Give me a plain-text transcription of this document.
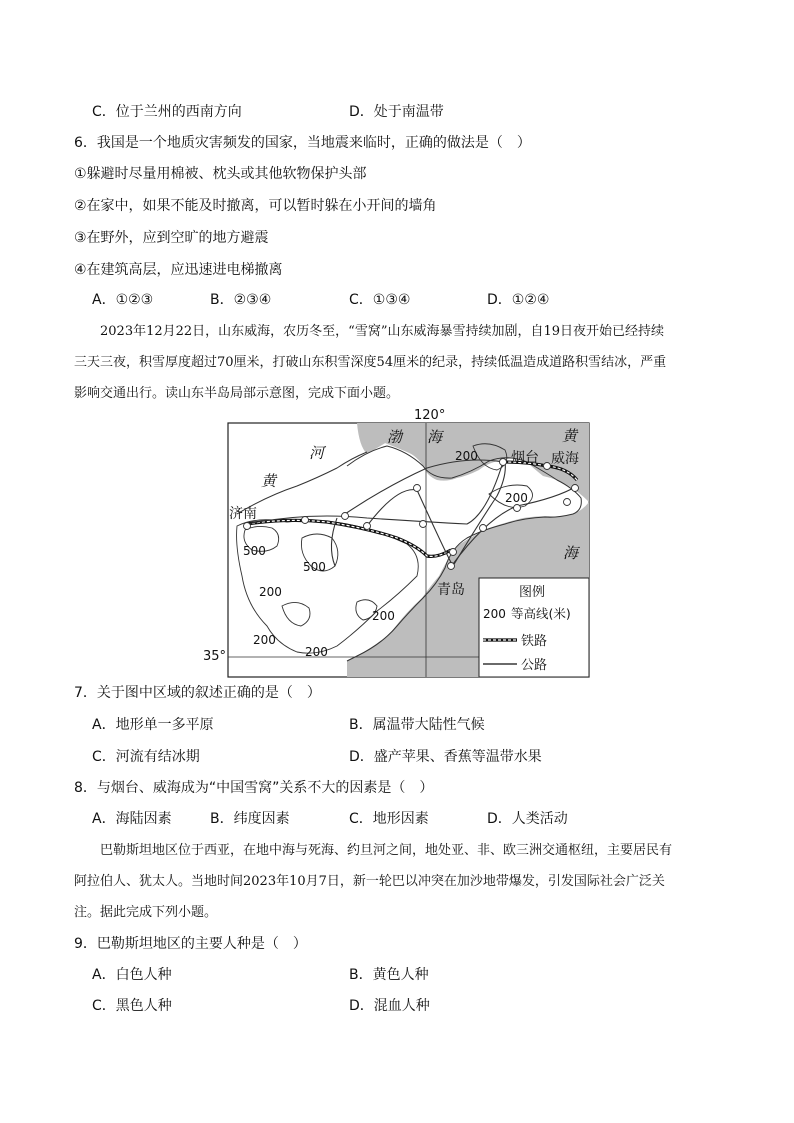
C．位于兰州的西南方向	D．处于南温带
6．我国是一个地质灾害频发的国家，当地震来临时，正确的做法是（　）
①躲避时尽量用棉被、枕头或其他软物保护头部
②在家中，如果不能及时撤离，可以暂时躲在小开间的墙角
③在野外，应到空旷的地方避震
④在建筑高层，应迅速进电梯撤离
A．①②③	B．②③④	C．①③④	D．①②④
2023年12月22日，山东威海，农历冬至，“雪窝”山东威海暴雪持续加剧，自19日夜开始已经持续
三天三夜，积雪厚度超过70厘米，打破山东积雪深度54厘米的纪录，持续低温造成道路积雪结冰，严重
影响交通出行。读山东半岛局部示意图，完成下面小题。
120°
渤 海	黄
威海
海
河
黄
济南
烟台
青岛
200
200
500
500
200
200
200
200
图例
200 等高线(米)
铁路
公路
35°
7．关于图中区域的叙述正确的是（　）
A．地形单一多平原	B．属温带大陆性气候
C．河流有结冰期	D．盛产苹果、香蕉等温带水果
8．与烟台、威海成为“中国雪窝”关系不大的因素是（　）
A．海陆因素	B．纬度因素	C．地形因素	D．人类活动
巴勒斯坦地区位于西亚，在地中海与死海、约旦河之间，地处亚、非、欧三洲交通枢纽，主要居民有
阿拉伯人、犹太人。当地时间2023年10月7日，新一轮巴以冲突在加沙地带爆发，引发国际社会广泛关
注。据此完成下列小题。
9．巴勒斯坦地区的主要人种是（　）
A．白色人种	B．黄色人种
C．黑色人种	D．混血人种
